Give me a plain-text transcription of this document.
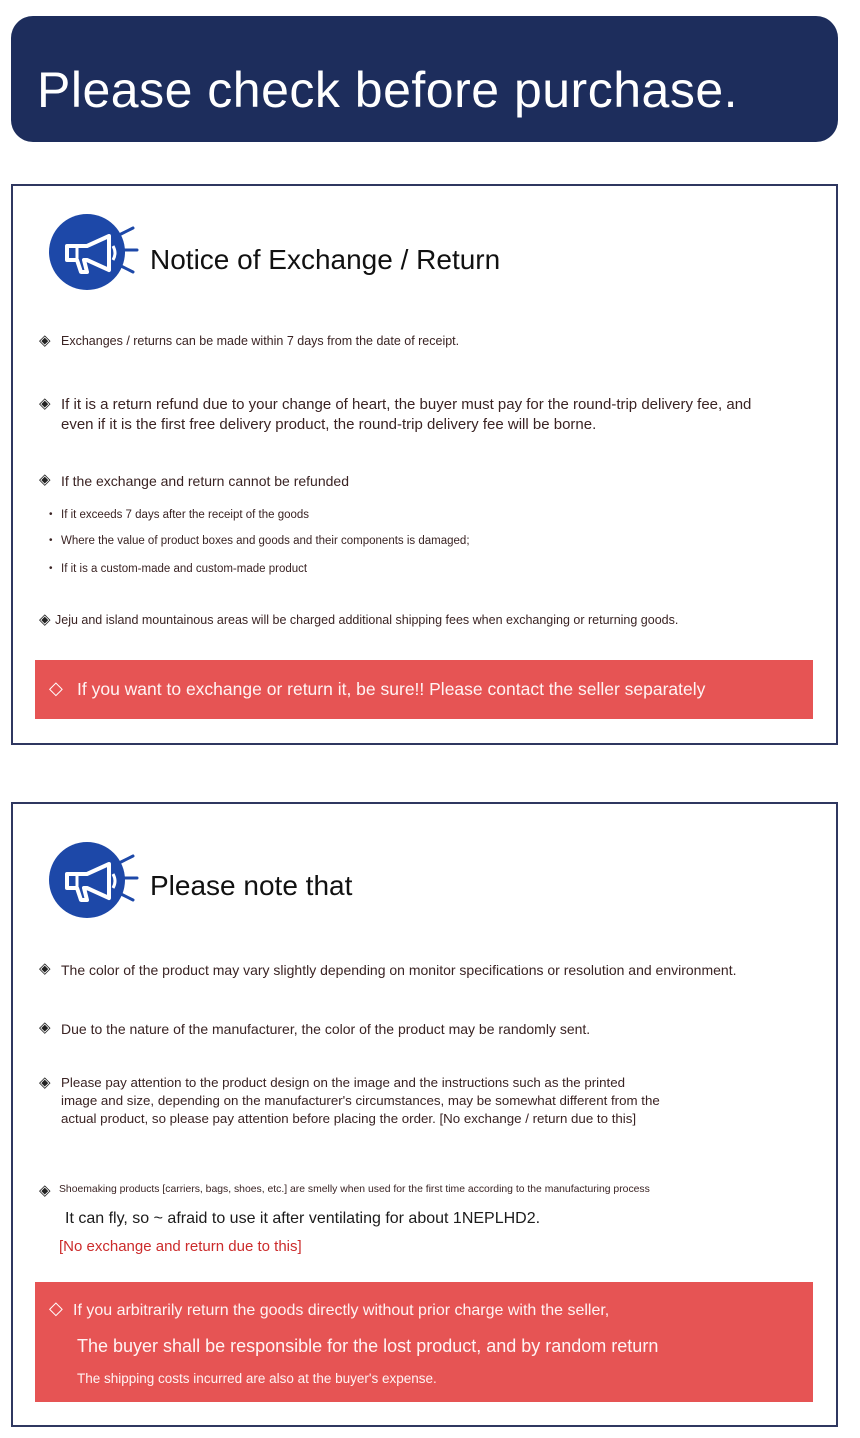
Please check before purchase.
Notice of Exchange / Return
◈ Exchanges / returns can be made within 7 days from the date of receipt.
◈ If it is a return refund due to your change of heart, the buyer must pay for the round-trip delivery fee, and even if it is the first free delivery product, the round-trip delivery fee will be borne.
◈ If the exchange and return cannot be refunded
• If it exceeds 7 days after the receipt of the goods
• Where the value of product boxes and goods and their components is damaged;
• If it is a custom-made and custom-made product
◈ Jeju and island mountainous areas will be charged additional shipping fees when exchanging or returning goods.
◇ If you want to exchange or return it, be sure!! Please contact the seller separately
Please note that
◈ The color of the product may vary slightly depending on monitor specifications or resolution and environment.
◈ Due to the nature of the manufacturer, the color of the product may be randomly sent.
◈ Please pay attention to the product design on the image and the instructions such as the printed image and size, depending on the manufacturer's circumstances, may be somewhat different from the actual product, so please pay attention before placing the order. [No exchange / return due to this]
◈ Shoemaking products [carriers, bags, shoes, etc.] are smelly when used for the first time according to the manufacturing process
It can fly, so ~ afraid to use it after ventilating for about 1NEPLHD2.
[No exchange and return due to this]
◇ If you arbitrarily return the goods directly without prior charge with the seller,
The buyer shall be responsible for the lost product, and by random return
The shipping costs incurred are also at the buyer's expense.
